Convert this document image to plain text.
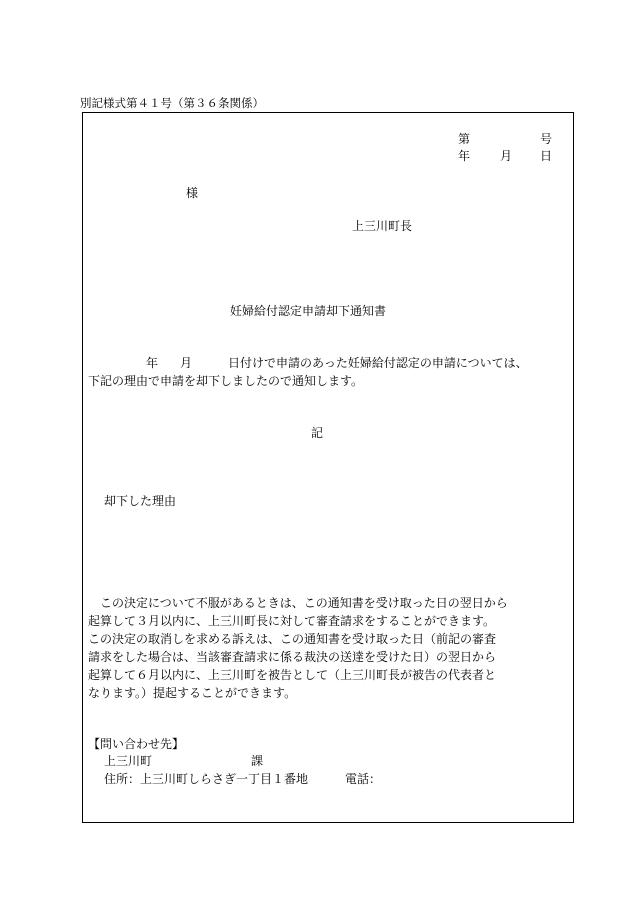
別記様式第４１号（第３６条関係）
第	号
年 月 日
様
上三川町長
妊婦給付認定申請却下通知書
年 月	日付けで申請のあった妊婦給付認定の申請については、
下記の理由で申請を却下しましたので通知します。
記
却下した理由
この決定について不服があるときは、この通知書を受け取った日の翌日から
起算して３月以内に、上三川町長に対して審査請求をすることができます。
この決定の取消しを求める訴えは、この通知書を受け取った日（前記の審査
請求をした場合は、当該審査請求に係る裁決の送達を受けた日）の翌日から
起算して６月以内に、上三川町を被告として（上三川町長が被告の代表者と
なります。）提起することができます。
【問い合わせ先】
上三川町	課
住所：上三川町しらさぎ一丁目１番地	電話：
